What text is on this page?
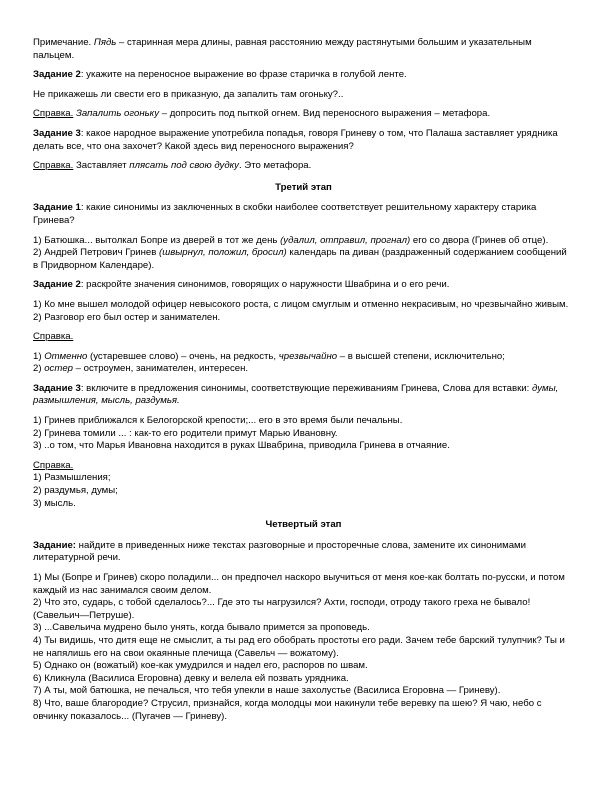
Примечание. Пядь – старинная мера длины, равная расстоянию между растянутыми большим и указательным пальцем.

Задание 2: укажите на переносное выражение во фразе старичка в голубой ленте.

Не прикажешь ли свести его в приказную, да запалить там огоньку?..

Справка. Запалить огоньку – допросить под пыткой огнем. Вид переносного выражения – метафора.

Задание 3: какое народное выражение употребила попадья, говоря Гриневу о том, что Палаша заставляет урядника делать все, что она захочет? Какой здесь вид переносного выражения?

Справка. Заставляет плясать под свою дудку. Это метафора.

Третий этап

Задание 1: какие синонимы из заключенных в скобки наиболее соответствует решительному характеру старика Гринева?

1) Батюшка... вытолкал Бопре из дверей в тот же день (удалил, отправил, прогнал) его со двора (Гринев об отце).

2) Андрей Петрович Гринев (швырнул, положил, бросил) календарь па диван (раздраженный содержанием сообщений в Придворном Календаре).

Задание 2: раскройте значения синонимов, говорящих о наружности Швабрина и о его речи.

1) Ко мне вышел молодой офицер невысокого роста, с лицом смуглым и отменно некрасивым, но чрезвычайно живым.

2) Разговор его был остер и занимателен.

Справка.

1) Отменно (устаревшее слово) – очень, на редкость, чрезвычайно – в высшей степени, исключительно;

2) остер – остроумен, занимателен, интересен.

Задание 3: включите в предложения синонимы, соответствующие переживаниям Гринева, Слова для вставки: думы, размышления, мысль, раздумья.

1) Гринев приближался к Белогорской крепости;... его в это время были печальны.

2) Гринева томили ... : как-то его родители примут Марью Ивановну.

3) ..о том, что Марья Ивановна находится в руках Швабрина, приводила Гринева в отчаяние.

Справка.

1) Размышления;

2) раздумья, думы;

3) мысль.

Четвертый этап

Задание: найдите в приведенных ниже текстах разговорные и просторечные слова, замените их синонимами литературной речи.

1) Мы (Бопре и Гринев) скоро поладили... он предпочел наскоро выучиться от меня кое-как болтать по-русски, и потом каждый из нас занимался своим делом.

2) Что это, сударь, с тобой сделалось?... Где это ты нагрузился? Ахти, господи, отроду такого греха не бывало! (Савельич—Петруше).

3) ...Савельича мудрено было унять, когда бывало примется за проповедь.

4) Ты видишь, что дитя еще не смыслит, а ты рад его обобрать простоты его ради. Зачем тебе барский тулупчик? Ты и не напялишь его на свои окаянные плечища (Савельч — вожатому).

5) Однако он (вожатый) кое-как умудрился и надел его, распоров по швам.

6) Кликнула (Василиса Егоровна) девку и велела ей позвать урядника.

7) А ты, мой батюшка, не печалься, что тебя упекли в наше захолустье (Василиса Егоровна — Гриневу).

8) Что, ваше благородие? Струсил, признайся, когда молодцы мои накинули тебе веревку па шею? Я чаю, небо с овчинку показалось... (Пугачев — Гриневу).
